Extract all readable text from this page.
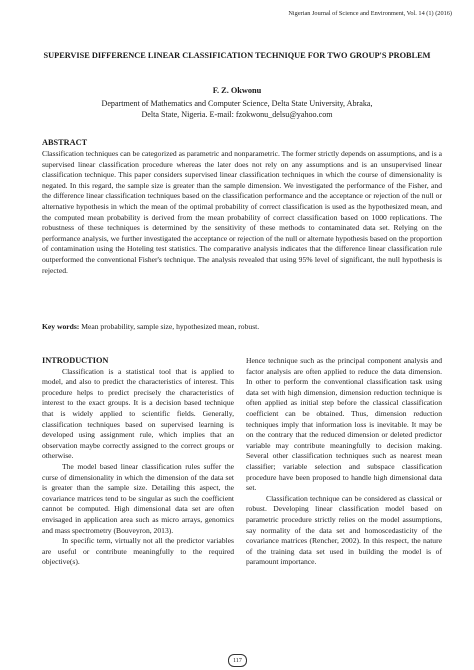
Nigerian Journal of Science and Environment, Vol. 14 (1) (2016)
SUPERVISE DIFFERENCE LINEAR CLASSIFICATION TECHNIQUE FOR TWO GROUP'S PROBLEM
F. Z. Okwonu
Department of Mathematics and Computer Science, Delta State University, Abraka,
Delta State, Nigeria. E-mail: fzokwonu_delsu@yahoo.com
ABSTRACT

Classification techniques can be categorized as parametric and nonparametric. The former strictly depends on assumptions, and is a supervised linear classification procedure whereas the later does not rely on any assumptions and is an unsupervised linear classification technique. This paper considers supervised linear classification techniques in which the course of dimensionality is negated. In this regard, the sample size is greater than the sample dimension. We investigated the performance of the Fisher, and the difference linear classification techniques based on the classification performance and the acceptance or rejection of the null or alternative hypothesis in which the mean of the optimal probability of correct classification is used as the hypothesized mean, and the computed mean probability is derived from the mean probability of correct classification based on 1000 replications. The robustness of these techniques is determined by the sensitivity of these methods to contaminated data set. Relying on the performance analysis, we further investigated the acceptance or rejection of the null or alternate hypothesis based on the proportion of contamination using the Hoteling test statistics. The comparative analysis indicates that the difference linear classification rule outperformed the conventional Fisher's technique. The analysis revealed that using 95% level of significant, the null hypothesis is rejected.

Key words: Mean probability, sample size, hypothesized mean, robust.

INTRODUCTION

Classification is a statistical tool that is applied to model, and also to predict the characteristics of interest. This procedure helps to predict precisely the characteristics of interest to the exact groups. It is a decision based technique that is widely applied to scientific fields. Generally, classification techniques based on supervised learning is developed using assignment rule, which implies that an observation maybe correctly assigned to the correct groups or otherwise.

The model based linear classification rules suffer the curse of dimensionality in which the dimension of the data set is greater than the sample size. Detailing this aspect, the covariance matrices tend to be singular as such the coefficient cannot be computed. High dimensional data set are often envisaged in application area such as micro arrays, genomics and mass spectrometry (Bouveyron, 2013).

In specific term, virtually not all the predictor variables are useful or contribute meaningfully to the required objective(s).

Hence technique such as the principal component analysis and factor analysis are often applied to reduce the data dimension. In other to perform the conventional classification task using data set with high dimension, dimension reduction technique is often applied as initial step before the classical classification coefficient can be obtained. Thus, dimension reduction techniques imply that information loss is inevitable. It may be on the contrary that the reduced dimension or deleted predictor variable may contribute meaningfully to decision making. Several other classification techniques such as nearest mean classifier; variable selection and subspace classification procedure have been proposed to handle high dimensional data set.

Classification technique can be considered as classical or robust. Developing linear classification model based on parametric procedure strictly relies on the model assumptions, say normality of the data set and homoscedasticity of the covariance matrices (Rencher, 2002). In this respect, the nature of the training data set used in building the model is of paramount importance.

117
